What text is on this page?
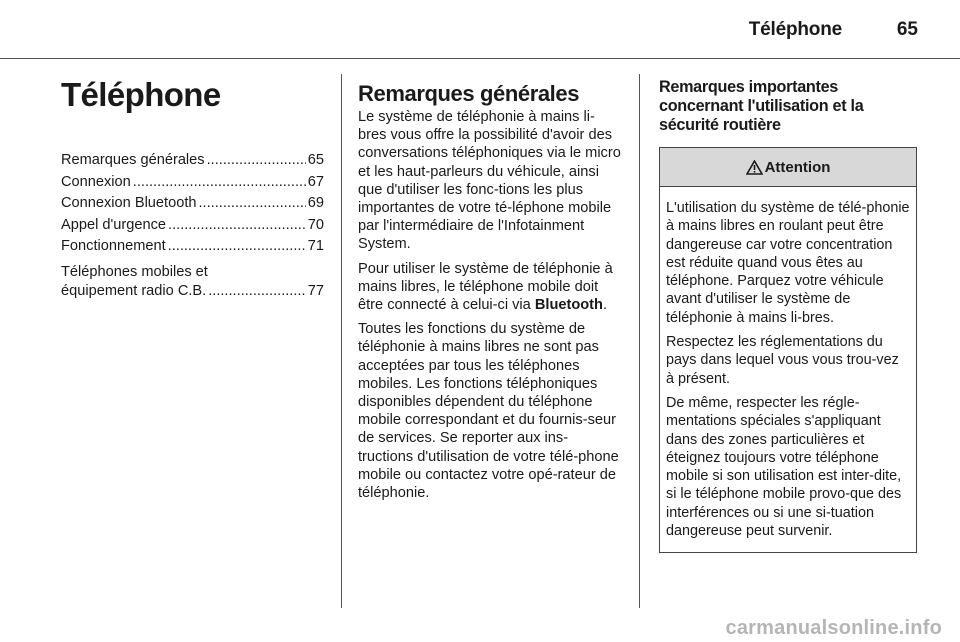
Téléphone	65
Téléphone
Remarques générales .....	65
Connexion .....	67
Connexion Bluetooth .....	69
Appel d'urgence .....	70
Fonctionnement .....	71
Téléphones mobiles et
équipement radio C.B. .....	77
Remarques générales

Le système de téléphonie à mains li-bres vous offre la possibilité d'avoir des conversations téléphoniques via le micro et les haut-parleurs du véhicule, ainsi que d'utiliser les fonc-tions les plus importantes de votre té-léphone mobile par l'intermédiaire de l'Infotainment System.

Pour utiliser le système de téléphonie à mains libres, le téléphone mobile doit être connecté à celui-ci via Bluetooth.

Toutes les fonctions du système de téléphonie à mains libres ne sont pas acceptées par tous les téléphones mobiles. Les fonctions téléphoniques disponibles dépendent du téléphone mobile correspondant et du fournis-seur de services. Se reporter aux ins-tructions d'utilisation de votre télé-phone mobile ou contactez votre opé-rateur de téléphonie.

Remarques importantes
concernant l'utilisation et la
sécurité routière
Attention

L'utilisation du système de télé-phonie à mains libres en roulant peut être dangereuse car votre concentration est réduite quand vous êtes au téléphone. Parquez votre véhicule avant d'utiliser le système de téléphonie à mains li-bres.

Respectez les réglementations du pays dans lequel vous vous trou-vez à présent.

De même, respecter les régle-mentations spéciales s'appliquant dans des zones particulières et éteignez toujours votre téléphone mobile si son utilisation est inter-dite, si le téléphone mobile provo-que des interférences ou si une si-tuation dangereuse peut survenir.

carmanualsonline.info
